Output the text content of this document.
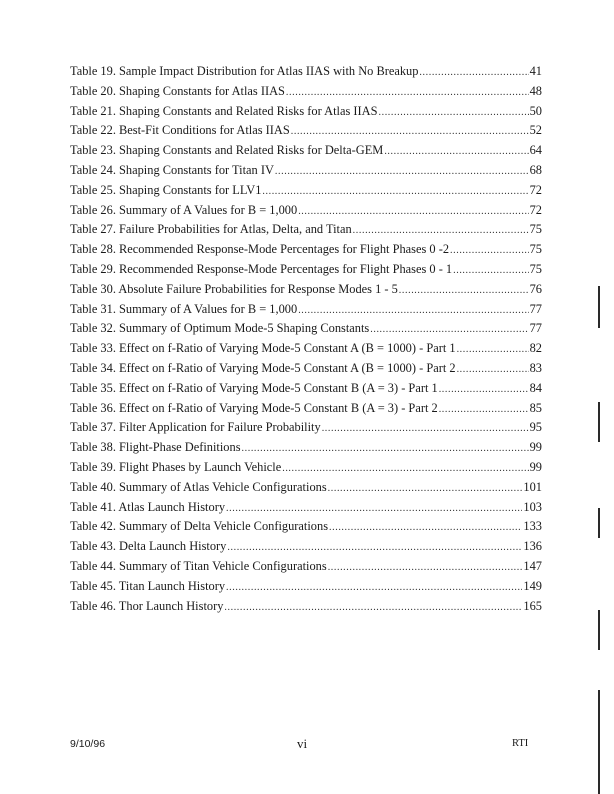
Table 19. Sample Impact Distribution for Atlas IIAS with No Breakup .....	41
Table 20. Shaping Constants for Atlas IIAS .....	48
Table 21. Shaping Constants and Related Risks for Atlas IIAS .....	50
Table 22. Best-Fit Conditions for Atlas IIAS .....	52
Table 23. Shaping Constants and Related Risks for Delta-GEM .....	64
Table 24. Shaping Constants for Titan IV .....	68
Table 25. Shaping Constants for LLV1 .....	72
Table 26. Summary of A Values for B = 1,000 .....	72
Table 27. Failure Probabilities for Atlas, Delta, and Titan .....	75
Table 28. Recommended Response-Mode Percentages for Flight Phases 0 -2 .....	75
Table 29. Recommended Response-Mode Percentages for Flight Phases 0 - 1 .....	75
Table 30. Absolute Failure Probabilities for Response Modes 1 - 5 .....	76
Table 31. Summary of A Values for B = 1,000 .....	77
Table 32. Summary of Optimum Mode-5 Shaping Constants .....	77
Table 33. Effect on f-Ratio of Varying Mode-5 Constant A (B = 1000) - Part 1 .....	82
Table 34. Effect on f-Ratio of Varying Mode-5 Constant A (B = 1000) - Part 2 .....	83
Table 35. Effect on f-Ratio of Varying Mode-5 Constant B (A = 3) - Part 1 .....	84
Table 36. Effect on f-Ratio of Varying Mode-5 Constant B (A = 3) - Part 2 .....	85
Table 37. Filter Application for Failure Probability .....	95
Table 38. Flight-Phase Definitions .....	99
Table 39. Flight Phases by Launch Vehicle .....	99
Table 40. Summary of Atlas Vehicle Configurations .....	101
Table 41. Atlas Launch History .....	103
Table 42. Summary of Delta Vehicle Configurations .....	133
Table 43. Delta Launch History .....	136
Table 44. Summary of Titan Vehicle Configurations .....	147
Table 45. Titan Launch History .....	149
Table 46. Thor Launch History .....	165
9/10/96	vi	RTI
